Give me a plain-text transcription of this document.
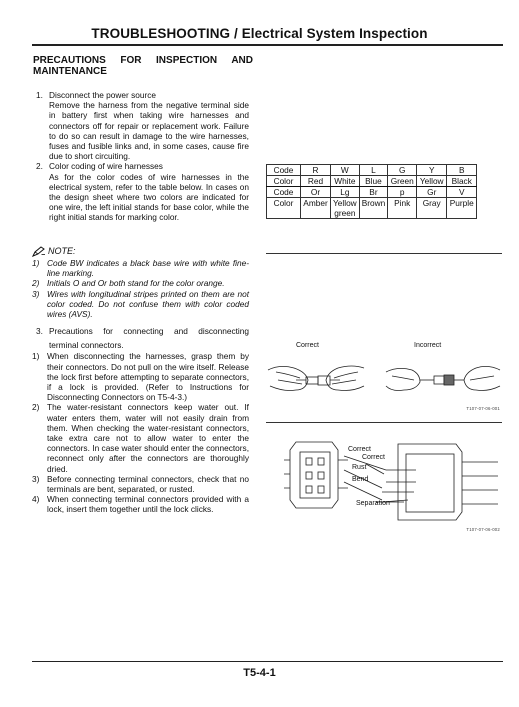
TROUBLESHOOTING / Electrical System Inspection
PRECAUTIONS FOR INSPECTION AND MAINTENANCE
1. Disconnect the power source

Remove the harness from the negative terminal side in battery first when taking wire harnesses and connectors off for repair or replacement work. Failure to do so can result in damage to the wire harnesses, fuses and fusible links and, in some cases, cause fire due to short circuiting.

2. Color coding of wire harnesses

As for the color codes of wire harnesses in the electrical system, refer to the table below. In cases on the design sheet where two colors are indicated for one wire, the left initial stands for base color, while the right initial stands for marking color.

NOTE:
1) Code BW indicates a black base wire with white fine-line marking.

2) Initials O and Or both stand for the color orange.

3) Wires with longitudinal stripes printed on them are not color coded. Do not confuse them with color coded wires (AVS).

3. Precautions for connecting and disconnecting

terminal connectors.

1) When disconnecting the harnesses, grasp them by their connectors. Do not pull on the wire itself. Release the lock first before attempting to separate connectors, if a lock is provided. (Refer to Instructions for Disconnecting Connectors on T5-4-3.)

2) The water-resistant connectors keep water out. If water enters them, water will not easily drain from them. When checking the water-resistant connectors, take extra care not to allow water to enter the connectors. In case water should enter the connectors, reconnect only after the connectors are thoroughly dried.

3) Before connecting terminal connectors, check that no terminals are bent, separated, or rusted.

4) When connecting terminal connectors provided with a lock, insert them together until the lock clicks.

Code	R	W	L	G	Y	B
Color	Red	White	Blue	Green	Yellow	Black
Code	Or	Lg	Br	p	Gr	V
Color	Amber	Yellow green	Brown	Pink	Gray	Purple
Correct	Incorrect
T107-07-06-001
Correct
Correct
Rust
Bend
Separation
T107-07-06-002
T5-4-1
